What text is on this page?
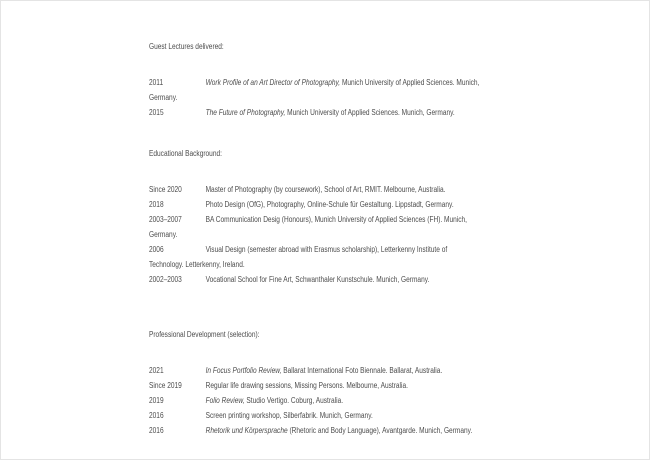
Guest Lectures delivered:
2011	Work Profile of an Art Director of Photography, Munich University of Applied Sciences. Munich,
Germany.
2015	The Future of Photography, Munich University of Applied Sciences. Munich, Germany.
Educational Background:
Since 2020	Master of Photography (by coursework), School of Art, RMIT. Melbourne, Australia.
2018	Photo Design (OfG), Photography, Online-Schule für Gestaltung. Lippstadt, Germany.
2003–2007	BA Communication Desig (Honours), Munich University of Applied Sciences (FH). Munich,
Germany.
2006	Visual Design (semester abroad with Erasmus scholarship), Letterkenny Institute of
Technology. Letterkenny, Ireland.
2002–2003	Vocational School for Fine Art, Schwanthaler Kunstschule. Munich, Germany.
Professional Development (selection):
2021	In Focus Portfolio Review, Ballarat International Foto Biennale. Ballarat, Australia.
Since 2019	Regular life drawing sessions, Missing Persons. Melbourne, Australia.
2019	Folio Review, Studio Vertigo. Coburg, Australia.
2016	Screen printing workshop, Silberfabrik. Munich, Germany.
2016	Rhetorik und Körpersprache (Rhetoric and Body Language), Avantgarde. Munich, Germany.
